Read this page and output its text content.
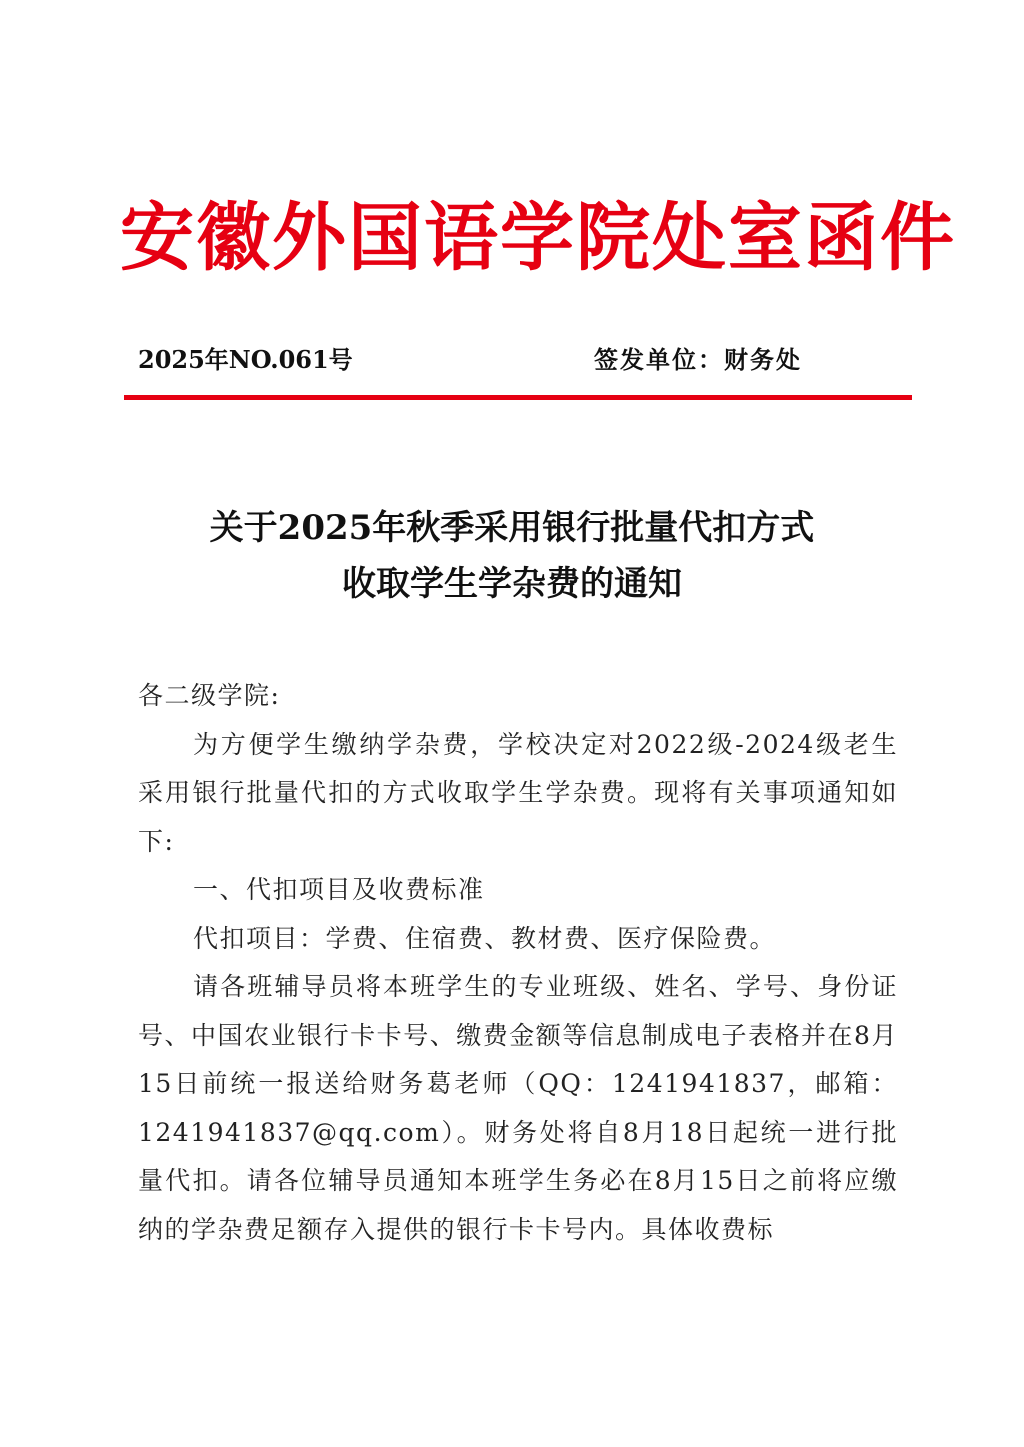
安徽外国语学院处室函件
2025年NO.061号	签发单位：财务处
关于2025年秋季采用银行批量代扣方式
收取学生学杂费的通知

各二级学院:

为方便学生缴纳学杂费，学校决定对2022级-2024级老生采用银行批量代扣的方式收取学生学杂费。现将有关事项通知如下:

一、代扣项目及收费标准

代扣项目：学费、住宿费、教材费、医疗保险费。

请各班辅导员将本班学生的专业班级、姓名、学号、身份证号、中国农业银行卡卡号、缴费金额等信息制成电子表格并在8月15日前统一报送给财务葛老师（QQ：1241941837，邮箱：1241941837@qq.com）。财务处将自8月18日起统一进行批量代扣。请各位辅导员通知本班学生务必在8月15日之前将应缴纳的学杂费足额存入提供的银行卡卡号内。具体收费标
